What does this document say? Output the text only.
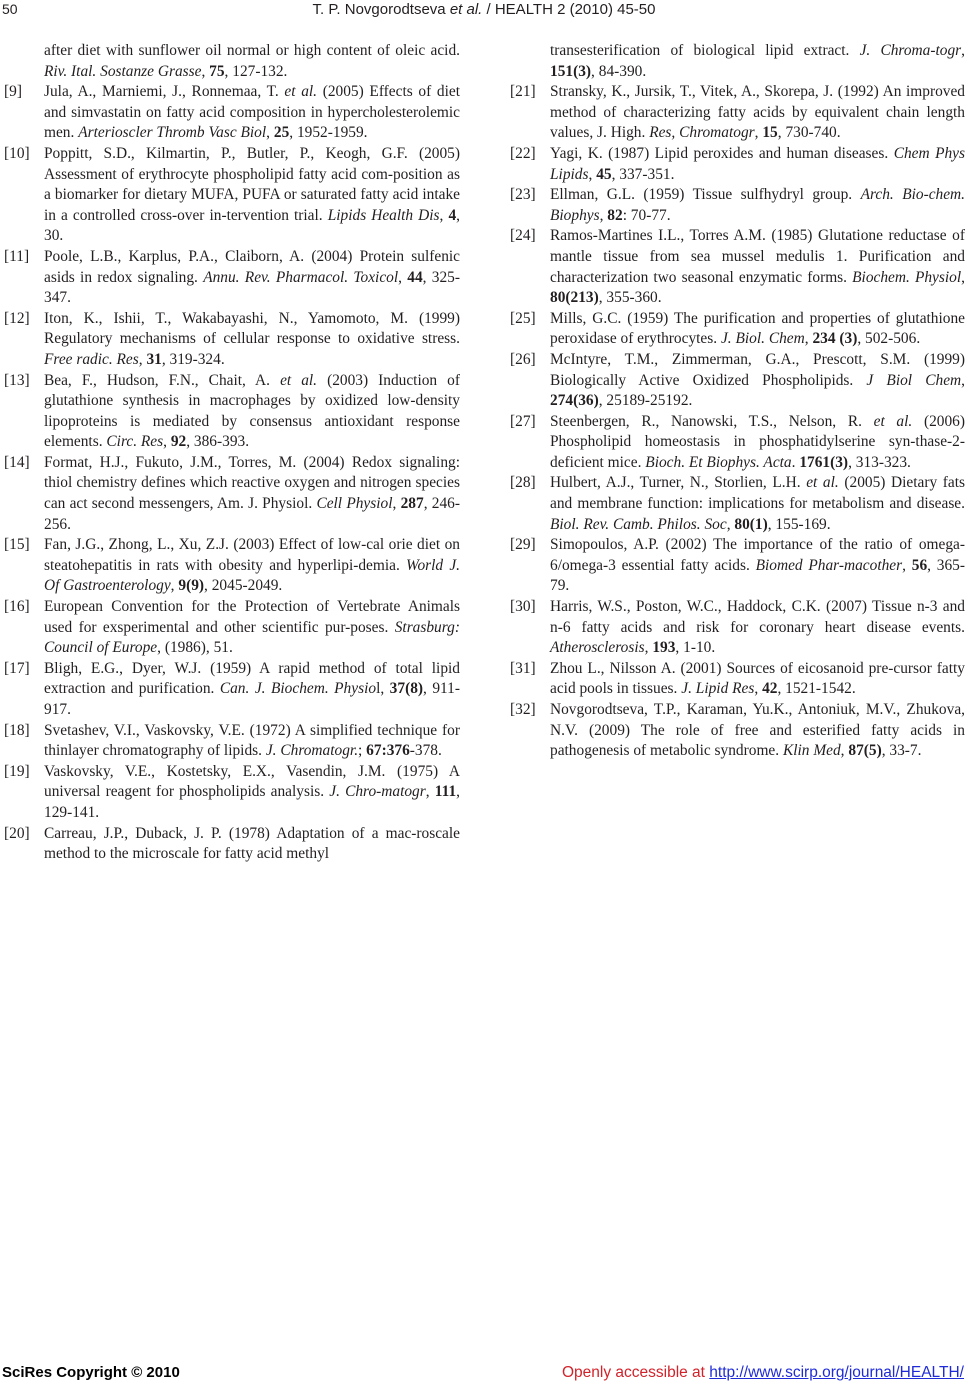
50	T. P. Novgorodtseva et al. / HEALTH 2 (2010) 45-50
after diet with sunflower oil normal or high content of oleic acid. Riv. Ital. Sostanze Grasse, 75, 127-132.
[9] Jula, A., Marniemi, J., Ronnemaa, T. et al. (2005) Effects of diet and simvastatin on fatty acid composition in hypercholesterolemic men. Arterioscler Thromb Vasc Biol, 25, 1952-1959.
[10] Poppitt, S.D., Kilmartin, P., Butler, P., Keogh, G.F. (2005) Assessment of erythrocyte phospholipid fatty acid com-position as a biomarker for dietary MUFA, PUFA or saturated fatty acid intake in a controlled cross-over in-tervention trial. Lipids Health Dis, 4, 30.
[11] Poole, L.B., Karplus, P.A., Claiborn, A. (2004) Protein sulfenic asids in redox signaling. Annu. Rev. Pharmacol. Toxicol, 44, 325-347.
[12] Iton, K., Ishii, T., Wakabayashi, N., Yamomoto, M. (1999) Regulatory mechanisms of cellular response to oxidative stress. Free radic. Res, 31, 319-324.
[13] Bea, F., Hudson, F.N., Chait, A. et al. (2003) Induction of glutathione synthesis in macrophages by oxidized low-density lipoproteins is mediated by consensus antioxidant response elements. Circ. Res, 92, 386-393.
[14] Format, H.J., Fukuto, J.M., Torres, M. (2004) Redox signaling: thiol chemistry defines which reactive oxygen and nitrogen species can act second messengers, Am. J. Physiol. Cell Physiol, 287, 246-256.
[15] Fan, J.G., Zhong, L., Xu, Z.J. (2003) Effect of low-cal orie diet on steatohepatitis in rats with obesity and hyperlipi-demia. World J. Of Gastroenterology, 9(9), 2045-2049.
[16] European Convention for the Protection of Vertebrate Animals used for exsperimental and other scientific pur-poses. Strasburg: Council of Europe, (1986), 51.
[17] Bligh, E.G., Dyer, W.J. (1959) A rapid method of total lipid extraction and purification. Can. J. Biochem. Physiol, 37(8), 911-917.
[18] Svetashev, V.I., Vaskovsky, V.E. (1972) A simplified technique for thinlayer chromatography of lipids. J. Chromatogr.; 67:376-378.
[19] Vaskovsky, V.E., Kostetsky, E.X., Vasendin, J.M. (1975) A universal reagent for phospholipids analysis. J. Chro-matogr, 111, 129-141.
[20] Carreau, J.P., Duback, J. P. (1978) Adaptation of a mac-roscale method to the microscale for fatty acid methyl
transesterification of biological lipid extract. J. Chroma-togr, 151(3), 84-390.
[21] Stransky, K., Jursik, T., Vitek, A., Skorepa, J. (1992) An improved method of characterizing fatty acids by equivalent chain length values, J. High. Res, Chromatogr, 15, 730-740.
[22] Yagi, K. (1987) Lipid peroxides and human diseases. Chem Phys Lipids, 45, 337-351.
[23] Ellman, G.L. (1959) Tissue sulfhydryl group. Arch. Bio-chem. Biophys, 82: 70-77.
[24] Ramos-Martines I.L., Torres A.M. (1985) Glutatione reductase of mantle tissue from sea mussel medulis 1. Purification and characterization two seasonal enzymatic forms. Biochem. Physiol, 80(213), 355-360.
[25] Mills, G.C. (1959) The purification and properties of glutathione peroxidase of erythrocytes. J. Biol. Chem, 234 (3), 502-506.
[26] McIntyre, T.M., Zimmerman, G.A., Prescott, S.M. (1999) Biologically Active Oxidized Phospholipids. J Biol Chem, 274(36), 25189-25192.
[27] Steenbergen, R., Nanowski, T.S., Nelson, R. et al. (2006) Phospholipid homeostasis in phosphatidylserine syn-thase-2-deficient mice. Bioch. Et Biophys. Acta. 1761(3), 313-323.
[28] Hulbert, A.J., Turner, N., Storlien, L.H. et al. (2005) Dietary fats and membrane function: implications for metabolism and disease. Biol. Rev. Camb. Philos. Soc, 80(1), 155-169.
[29] Simopoulos, A.P. (2002) The importance of the ratio of omega-6/omega-3 essential fatty acids. Biomed Phar-macother, 56, 365-79.
[30] Harris, W.S., Poston, W.C., Haddock, C.K. (2007) Tissue n-3 and n-6 fatty acids and risk for coronary heart disease events. Atherosclerosis, 193, 1-10.
[31] Zhou L., Nilsson A. (2001) Sources of eicosanoid pre-cursor fatty acid pools in tissues. J. Lipid Res, 42, 1521-1542.
[32] Novgorodtseva, T.P., Karaman, Yu.K., Antoniuk, M.V., Zhukova, N.V. (2009) The role of free and esterified fatty acids in pathogenesis of metabolic syndrome. Klin Med, 87(5), 33-7.
SciRes Copyright © 2010	Openly accessible at http://www.scirp.org/journal/HEALTH/
